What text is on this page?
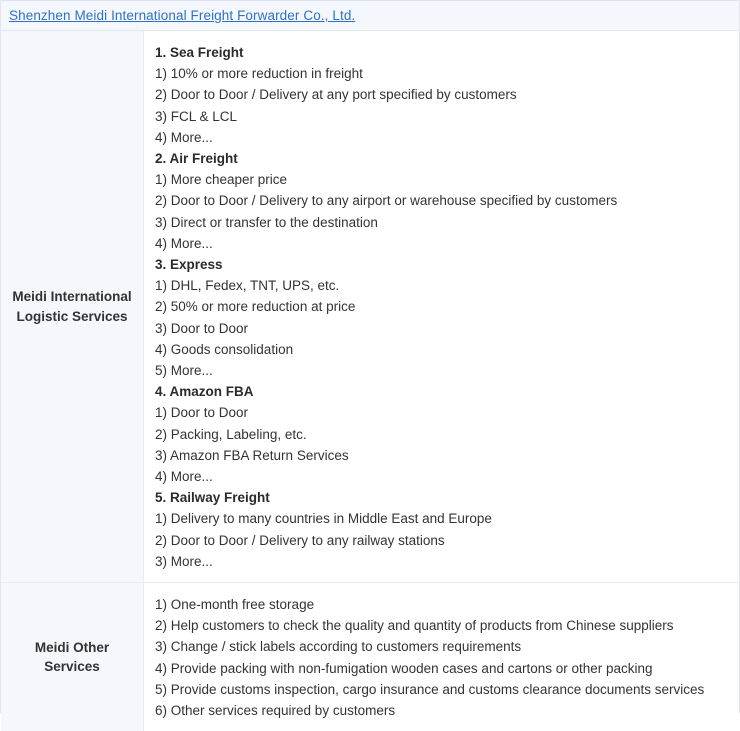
Shenzhen Meidi International Freight Forwarder Co., Ltd.
Meidi International Logistic Services
1. Sea Freight
1) 10% or more reduction in freight
2) Door to Door / Delivery at any port specified by customers
3) FCL & LCL
4) More...
2. Air Freight
1) More cheaper price
2) Door to Door / Delivery to any airport or warehouse specified by customers
3) Direct or transfer to the destination
4) More...
3. Express
1) DHL, Fedex, TNT, UPS, etc.
2) 50% or more reduction at price
3) Door to Door
4) Goods consolidation
5) More...
4. Amazon FBA
1) Door to Door
2) Packing, Labeling, etc.
3) Amazon FBA Return Services
4) More...
5. Railway Freight
1) Delivery to many countries in Middle East and Europe
2) Door to Door / Delivery to any railway stations
3) More...
Meidi Other Services
1) One-month free storage
2) Help customers to check the quality and quantity of products from Chinese suppliers
3) Change / stick labels according to customers requirements
4) Provide packing with non-fumigation wooden cases and cartons or other packing
5) Provide customs inspection, cargo insurance and customs clearance documents services
6) Other services required by customers
